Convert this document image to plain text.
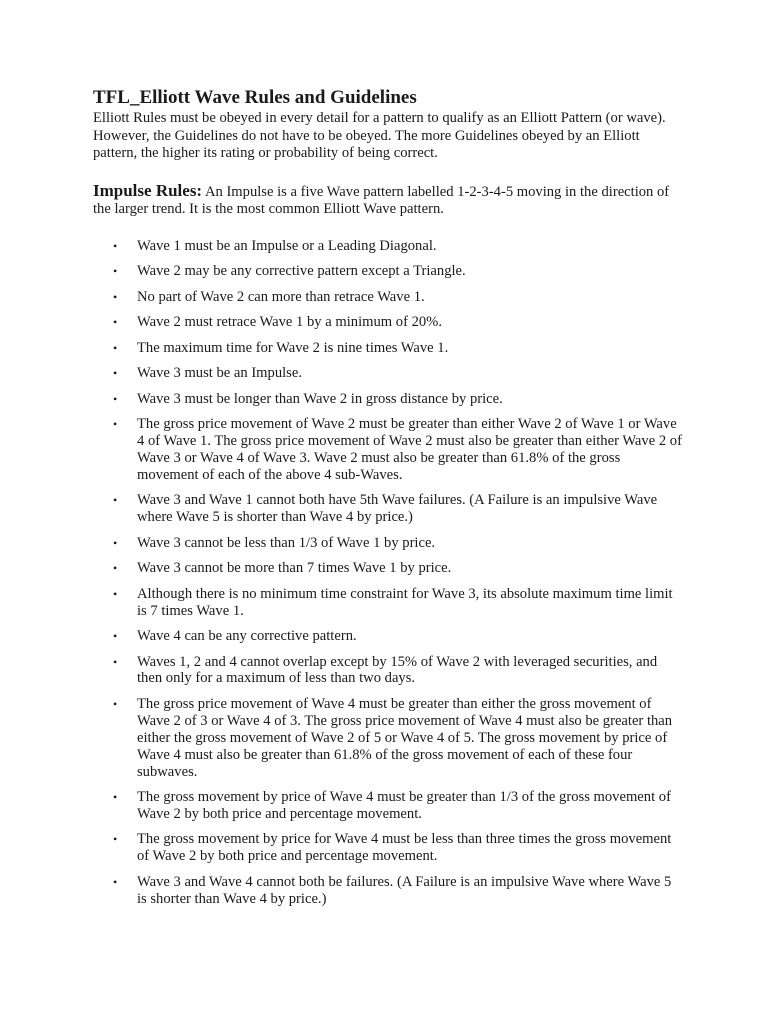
TFL_Elliott Wave Rules and Guidelines

Elliott Rules must be obeyed in every detail for a pattern to qualify as an Elliott Pattern (or wave). However, the Guidelines do not have to be obeyed. The more Guidelines obeyed by an Elliott pattern, the higher its rating or probability of being correct.

Impulse Rules: An Impulse is a five Wave pattern labelled 1-2-3-4-5 moving in the direction of the larger trend. It is the most common Elliott Wave pattern.

• Wave 1 must be an Impulse or a Leading Diagonal.
• Wave 2 may be any corrective pattern except a Triangle.
• No part of Wave 2 can more than retrace Wave 1.
• Wave 2 must retrace Wave 1 by a minimum of 20%.
• The maximum time for Wave 2 is nine times Wave 1.
• Wave 3 must be an Impulse.
• Wave 3 must be longer than Wave 2 in gross distance by price.
• The gross price movement of Wave 2 must be greater than either Wave 2 of Wave 1 or Wave 4 of Wave 1. The gross price movement of Wave 2 must also be greater than either Wave 2 of Wave 3 or Wave 4 of Wave 3. Wave 2 must also be greater than 61.8% of the gross movement of each of the above 4 sub-Waves.
• Wave 3 and Wave 1 cannot both have 5th Wave failures. (A Failure is an impulsive Wave where Wave 5 is shorter than Wave 4 by price.)
• Wave 3 cannot be less than 1/3 of Wave 1 by price.
• Wave 3 cannot be more than 7 times Wave 1 by price.
• Although there is no minimum time constraint for Wave 3, its absolute maximum time limit is 7 times Wave 1.
• Wave 4 can be any corrective pattern.
• Waves 1, 2 and 4 cannot overlap except by 15% of Wave 2 with leveraged securities, and then only for a maximum of less than two days.
• The gross price movement of Wave 4 must be greater than either the gross movement of Wave 2 of 3 or Wave 4 of 3. The gross price movement of Wave 4 must also be greater than either the gross movement of Wave 2 of 5 or Wave 4 of 5. The gross movement by price of Wave 4 must also be greater than 61.8% of the gross movement of each of these four subwaves.
• The gross movement by price of Wave 4 must be greater than 1/3 of the gross movement of Wave 2 by both price and percentage movement.
• The gross movement by price for Wave 4 must be less than three times the gross movement of Wave 2 by both price and percentage movement.
• Wave 3 and Wave 4 cannot both be failures. (A Failure is an impulsive Wave where Wave 5 is shorter than Wave 4 by price.)
